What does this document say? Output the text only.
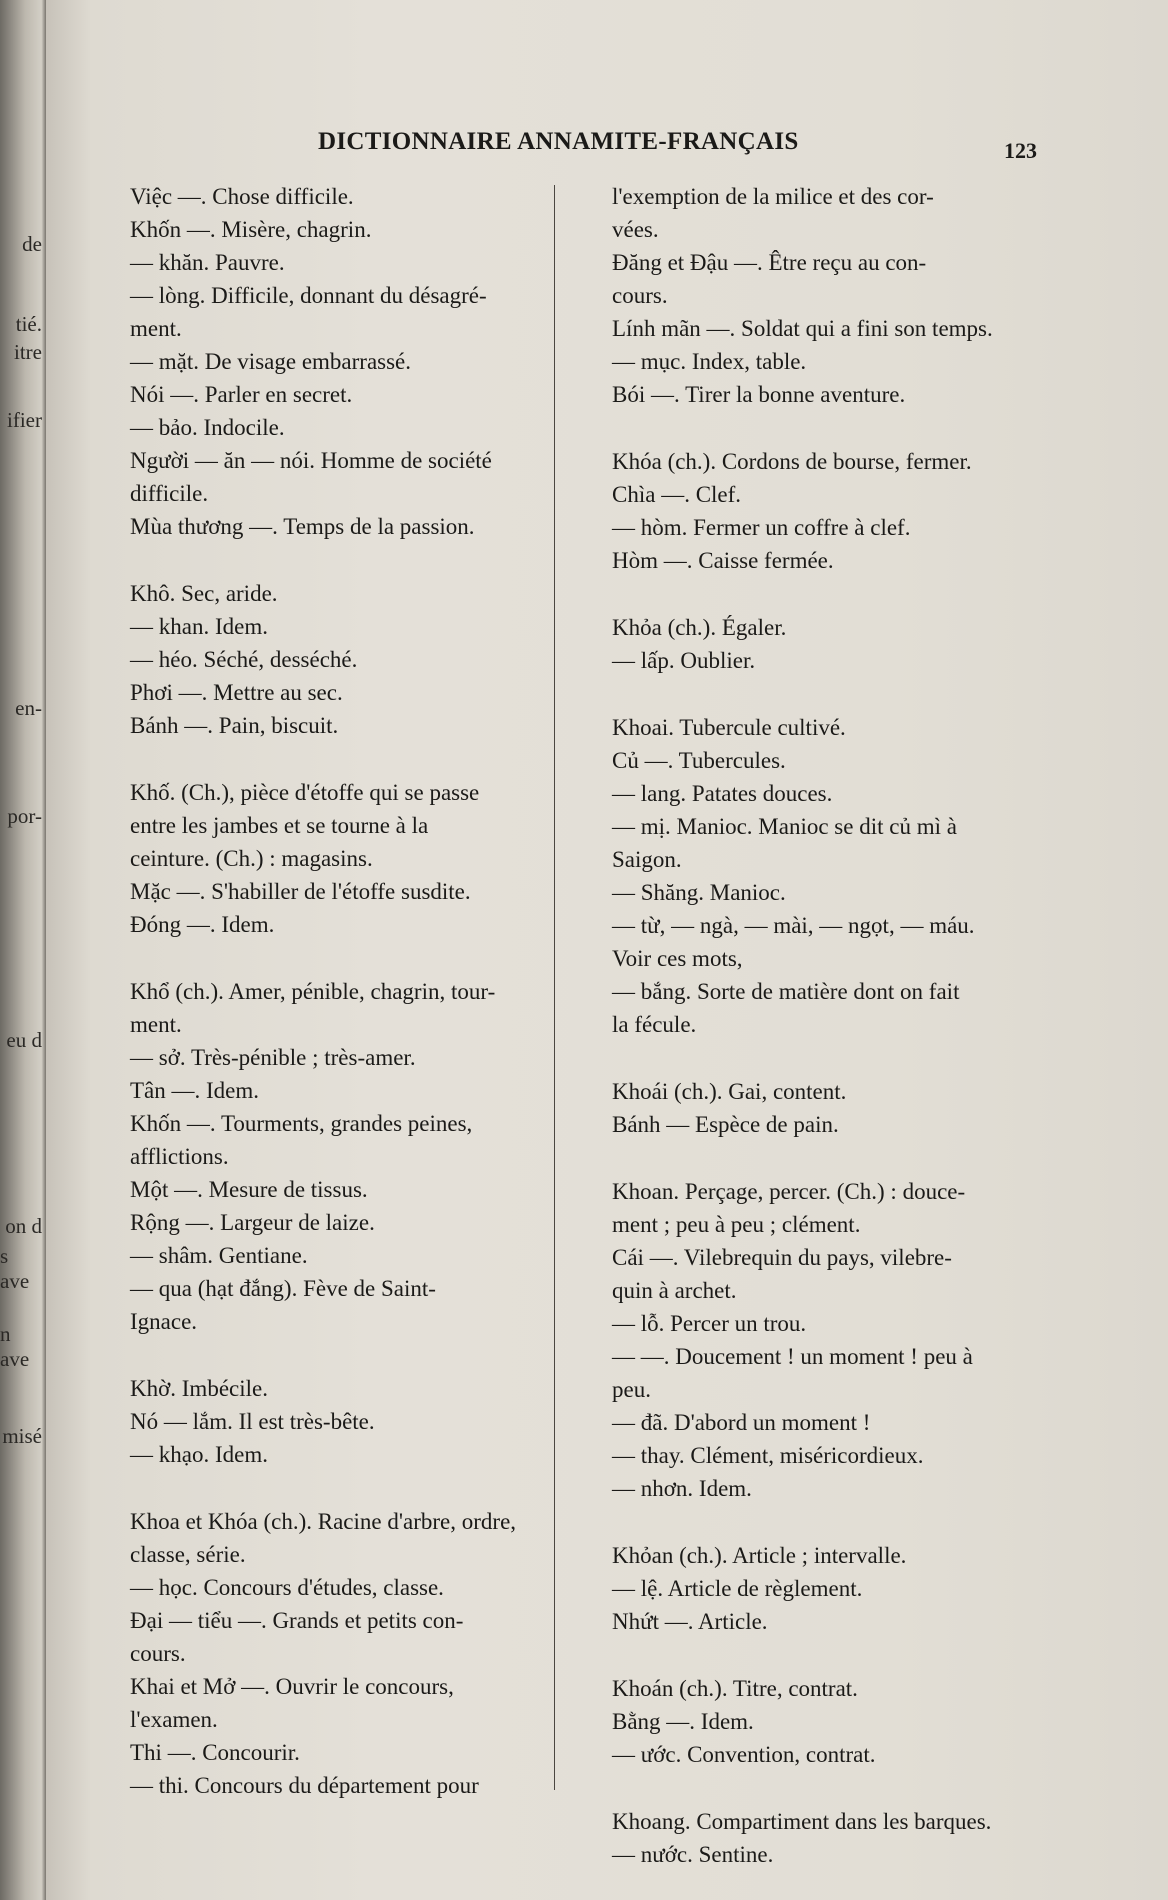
de
tié.
itre
ifier
en-
por-
eu d
on d
s ave
n ave
misé
DICTIONNAIRE ANNAMITE-FRANÇAIS	123
Việc —. Chose difficile.
Khốn —. Misère, chagrin.
— khăn. Pauvre.
— lòng. Difficile, donnant du désagré-
ment.
— mặt. De visage embarrassé.
Nói —. Parler en secret.
— bảo. Indocile.
Người — ăn — nói. Homme de société
difficile.
Mùa thương —. Temps de la passion.
Khô. Sec, aride.
— khan. Idem.
— héo. Séché, desséché.
Phơi —. Mettre au sec.
Bánh —. Pain, biscuit.
Khố. (Ch.), pièce d'étoffe qui se passe
entre les jambes et se tourne à la
ceinture. (Ch.) : magasins.
Mặc —. S'habiller de l'étoffe susdite.
Đóng —. Idem.
Khổ (ch.). Amer, pénible, chagrin, tour-
ment.
— sở. Très-pénible ; très-amer.
Tân —. Idem.
Khốn —. Tourments, grandes peines,
afflictions.
Một —. Mesure de tissus.
Rộng —. Largeur de laize.
— shâm. Gentiane.
— qua (hạt đắng). Fève de Saint-
Ignace.
Khờ. Imbécile.
Nó — lắm. Il est très-bête.
— khạo. Idem.
Khoa et Khóa (ch.). Racine d'arbre, ordre,
classe, série.
— học. Concours d'études, classe.
Đại — tiểu —. Grands et petits con-
cours.
Khai et Mở —. Ouvrir le concours,
l'examen.
Thi —. Concourir.
— thi. Concours du département pour
l'exemption de la milice et des cor-
vées.
Đăng et Đậu —. Être reçu au con-
cours.
Lính mãn —. Soldat qui a fini son temps.
— mục. Index, table.
Bói —. Tirer la bonne aventure.
Khóa (ch.). Cordons de bourse, fermer.
Chìa —. Clef.
— hòm. Fermer un coffre à clef.
Hòm —. Caisse fermée.
Khỏa (ch.). Égaler.
— lấp. Oublier.
Khoai. Tubercule cultivé.
Củ —. Tubercules.
— lang. Patates douces.
— mị. Manioc. Manioc se dit củ mì à
Saigon.
— Shăng. Manioc.
— từ, — ngà, — mài, — ngọt, — máu.
Voir ces mots,
— bắng. Sorte de matière dont on fait
la fécule.
Khoái (ch.). Gai, content.
Bánh — Espèce de pain.
Khoan. Perçage, percer. (Ch.) : douce-
ment ; peu à peu ; clément.
Cái —. Vilebrequin du pays, vilebre-
quin à archet.
— lỗ. Percer un trou.
— —. Doucement ! un moment ! peu à
peu.
— đã. D'abord un moment !
— thay. Clément, miséricordieux.
— nhơn. Idem.
Khỏan (ch.). Article ; intervalle.
— lệ. Article de règlement.
Nhứt —. Article.
Khoán (ch.). Titre, contrat.
Bằng —. Idem.
— ước. Convention, contrat.
Khoang. Compartiment dans les barques.
— nước. Sentine.
